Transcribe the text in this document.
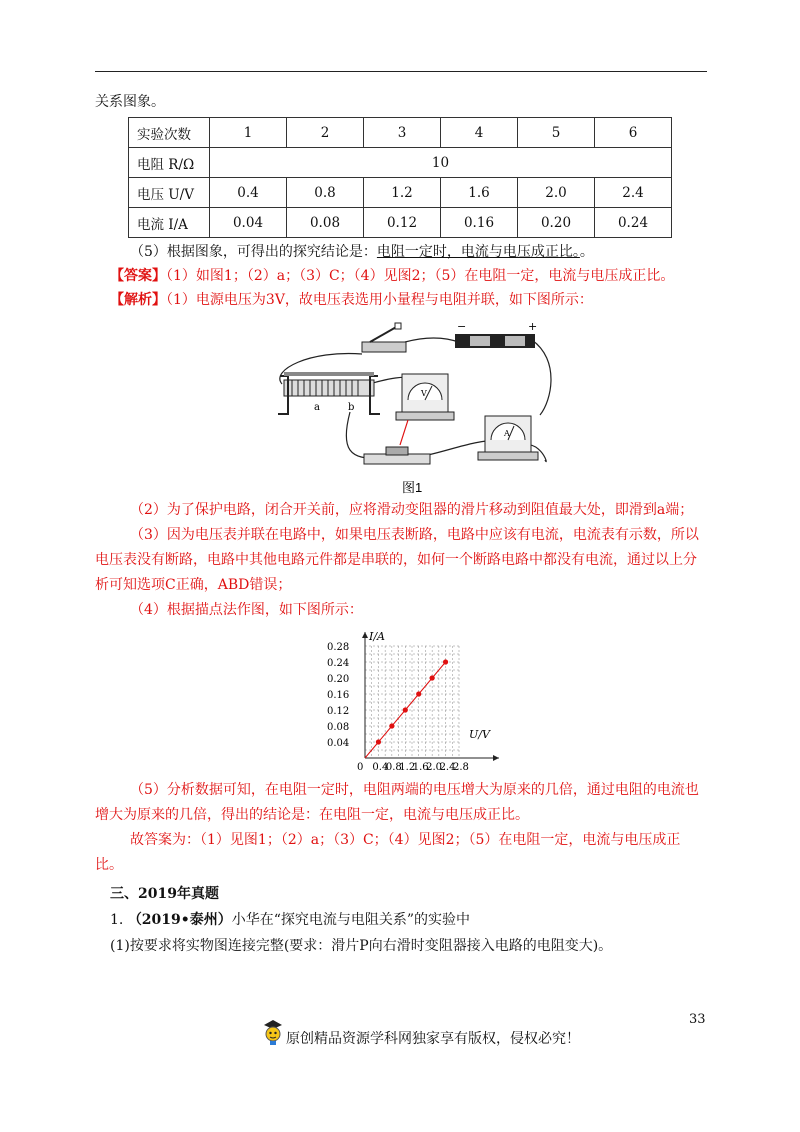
关系图象。
实验次数	1	2	3	4	5	6
电阻 R/Ω	10					
电压 U/V	0.4	0.8	1.2	1.6	2.0	2.4
电流 I/A	0.04	0.08	0.12	0.16	0.20	0.24
（5）根据图象，可得出的探究结论是：电阻一定时，电流与电压成正比。。
【答案】（1）如图1；（2）a；（3）C；（4）见图2；（5）在电阻一定，电流与电压成正比。
【解析】（1）电源电压为3V，故电压表选用小量程与电阻并联，如下图所示：
−	+
a	b
V
A
图1
（2）为了保护电路，闭合开关前，应将滑动变阻器的滑片移动到阻值最大处，即滑到a端；
（3）因为电压表并联在电路中，如果电压表断路，电路中应该有电流，电流表有示数，所以
电压表没有断路，电路中其他电路元件都是串联的，如何一个断路电路中都没有电流，通过以上分
析可知选项C正确，ABD错误；
（4）根据描点法作图，如下图所示：
0 0.4
0.8
1.2
1.6
2.0
2.4
2.8
0.04
0.08
0.12
0.16
0.20
0.24
0.28
U/V
I/A
（5）分析数据可知，在电阻一定时，电阻两端的电压增大为原来的几倍，通过电阻的电流也
增大为原来的几倍，得出的结论是：在电阻一定，电流与电压成正比。
故答案为：（1）见图1；（2）a；（3）C；（4）见图2；（5）在电阻一定，电流与电压成正
比。
三、2019年真题
1. （2019•泰州）小华在“探究电流与电阻关系”的实验中
(1)按要求将实物图连接完整(要求：滑片P向右滑时变阻器接入电路的电阻变大)。
33
原创精品资源学科网独家享有版权，侵权必究！
